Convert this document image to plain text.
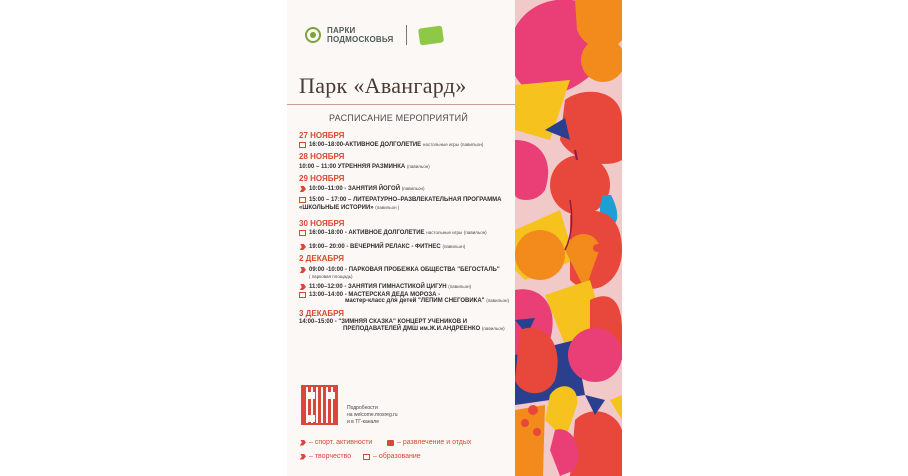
ПАРКИ
ПОДМОСКОВЬЯ
Парк «Авангард»
РАСПИСАНИЕ МЕРОПРИЯТИЙ
27 НОЯБРЯ
16:00–18:00-АКТИВНОЕ ДОЛГОЛЕТИЕ настольные игры (павильон)
28 НОЯБРЯ
10:00 – 11:00 УТРЕННЯЯ РАЗМИНКА (павильон)
29 НОЯБРЯ
10:00–11:00 - ЗАНЯТИЯ ЙОГОЙ (павильон)
15:00 – 17:00 – ЛИТЕРАТУРНО–РАЗВЛЕКАТЕЛЬНАЯ ПРОГРАММА
«ШКОЛЬНЫЕ ИСТОРИИ» (павильон )
30 НОЯБРЯ
16:00–18:00 - АКТИВНОЕ ДОЛГОЛЕТИЕ настольные игры (павильон)
19:00– 20:00 - ВЕЧЕРНИЙ РЕЛАКС - ФИТНЕС (павильон)
2 ДЕКАБРЯ
09:00 -10:00 - ПАРКОВАЯ ПРОБЕЖКА ОБЩЕСТВА "БЕГОСТАЛЬ"
( парковая площадь)
11:00–12:00 - ЗАНЯТИЯ ГИМНАСТИКОЙ ЦИГУН (павильон)
13:00–14:00 - МАСТЕРСКАЯ ДЕДА МОРОЗА -
мастер-класс для детей "ЛЕПИМ СНЕГОВИКА" (павильон)
3 ДЕКАБРЯ
14:00–15:00 - "ЗИМНЯЯ СКАЗКА" КОНЦЕРТ УЧЕНИКОВ И
ПРЕПОДАВАТЕЛЕЙ ДМШ им.Ж.И.АНДРЕЕНКО (павильон)
Подробности
на welcome.mosreg.ru
и в ТГ-канале
– спорт. активности	– развлечение и отдых
– творчество	– образование
